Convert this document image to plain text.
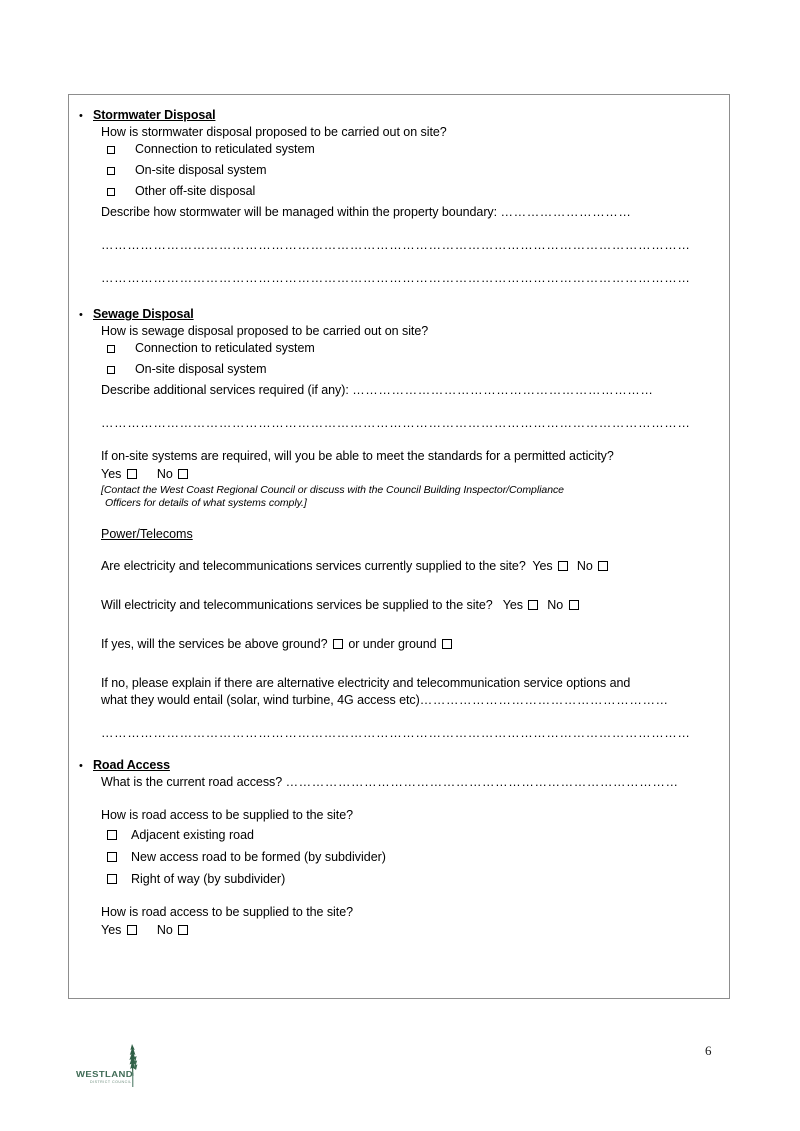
•
Stormwater Disposal
How is stormwater disposal proposed to be carried out on site?
Connection to reticulated system
On-site disposal system
Other off-site disposal
Describe how stormwater will be managed within the property boundary: …………………………
………………………………………………………………………………………………………………………
………………………………………………………………………………………………………………………
•
Sewage Disposal
How is sewage disposal proposed to be carried out on site?
Connection to reticulated system
On-site disposal system
Describe additional services required (if any): ……………………………………………………………
………………………………………………………………………………………………………………………
If on-site systems are required, will you be able to meet the standards for a permitted acticity?
Yes	No
[Contact the West Coast Regional Council or discuss with the Council Building Inspector/Compliance
Officers for details of what systems comply.]
Power/Telecoms
Are electricity and telecommunications services currently supplied to the site? Yes No
Will electricity and telecommunications services be supplied to the site? Yes No
If yes, will the services be above ground? or under ground
If no, please explain if there are alternative electricity and telecommunication service options and
what they would entail (solar, wind turbine, 4G access etc)…………………………………………………
………………………………………………………………………………………………………………………
•
Road Access
What is the current road access? ………………………………………………………………………………
How is road access to be supplied to the site?
Adjacent existing road
New access road to be formed (by subdivider)
Right of way (by subdivider)
How is road access to be supplied to the site?
Yes	No
WESTLAND
DISTRICT COUNCIL
6
